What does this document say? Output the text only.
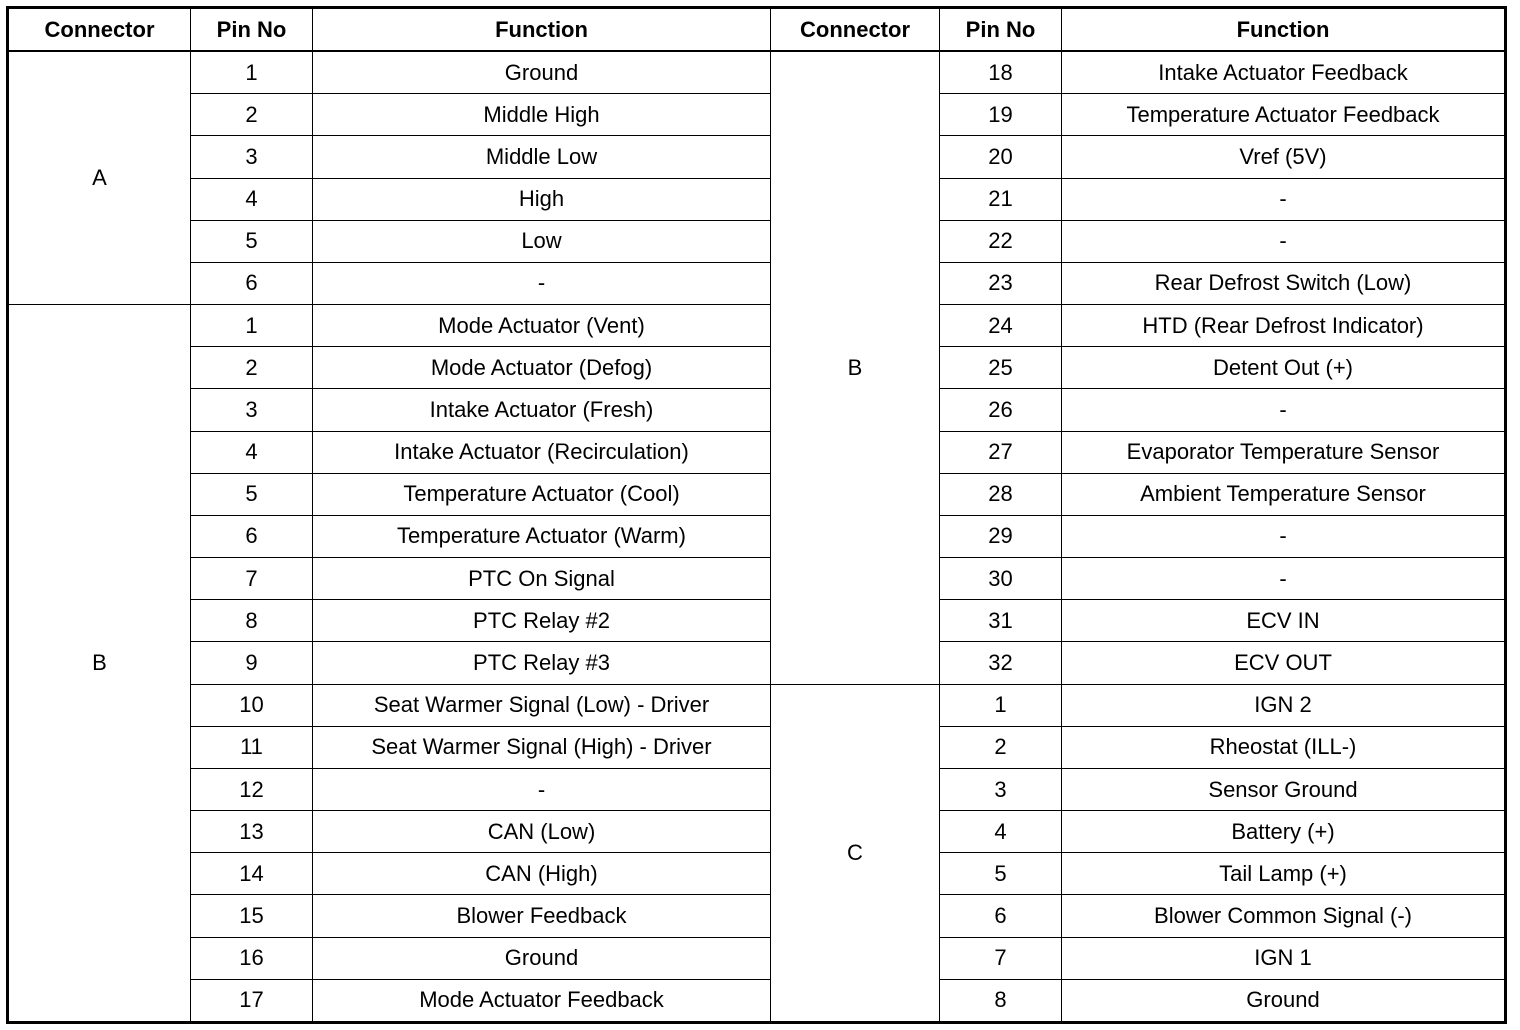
Connector	Pin No	Function	Connector	Pin No	Function
A	1	Ground	B	18	Intake Actuator Feedback
	2	Middle High		19	Temperature Actuator Feedback
	3	Middle Low		20	Vref (5V)
	4	High		21	-
	5	Low		22	-
	6	-		23	Rear Defrost Switch (Low)
B	1	Mode Actuator (Vent)		24	HTD (Rear Defrost Indicator)
	2	Mode Actuator (Defog)		25	Detent Out (+)
	3	Intake Actuator (Fresh)		26	-
	4	Intake Actuator (Recirculation)		27	Evaporator Temperature Sensor
	5	Temperature Actuator (Cool)		28	Ambient Temperature Sensor
	6	Temperature Actuator (Warm)		29	-
	7	PTC On Signal		30	-
	8	PTC Relay #2		31	ECV IN
	9	PTC Relay #3		32	ECV OUT
	10	Seat Warmer Signal (Low) - Driver	C	1	IGN 2
	11	Seat Warmer Signal (High) - Driver		2	Rheostat (ILL-)
	12	-		3	Sensor Ground
	13	CAN (Low)		4	Battery (+)
	14	CAN (High)		5	Tail Lamp (+)
	15	Blower Feedback		6	Blower Common Signal (-)
	16	Ground		7	IGN 1
	17	Mode Actuator Feedback		8	Ground
